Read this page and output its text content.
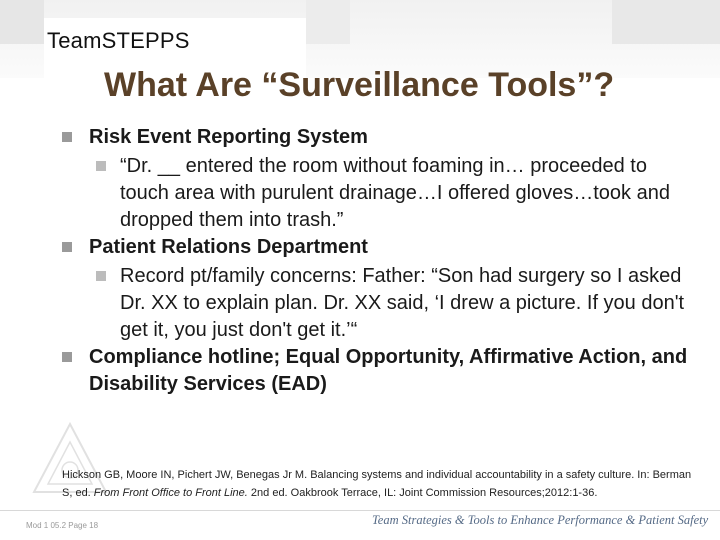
TeamSTEPPS
What Are “Surveillance Tools”?
Risk Event Reporting System
“Dr. __ entered the room without foaming in… proceeded to touch area with purulent drainage…I offered gloves…took and dropped them into trash.”
Patient Relations Department
Record pt/family concerns: Father: “Son had surgery so I asked Dr. XX to explain plan. Dr. XX said, ‘I drew a picture. If you don't get it, you just don't get it.’“
Compliance hotline; Equal Opportunity, Affirmative Action, and Disability Services (EAD)
Hickson GB, Moore IN, Pichert JW, Benegas Jr M. Balancing systems and individual accountability in a safety culture. In: Berman S, ed. From Front Office to Front Line. 2nd ed. Oakbrook Terrace, IL: Joint Commission Resources;2012:1-36.
Mod 1 05.2 Page 18	Team Strategies & Tools to Enhance Performance & Patient Safety
